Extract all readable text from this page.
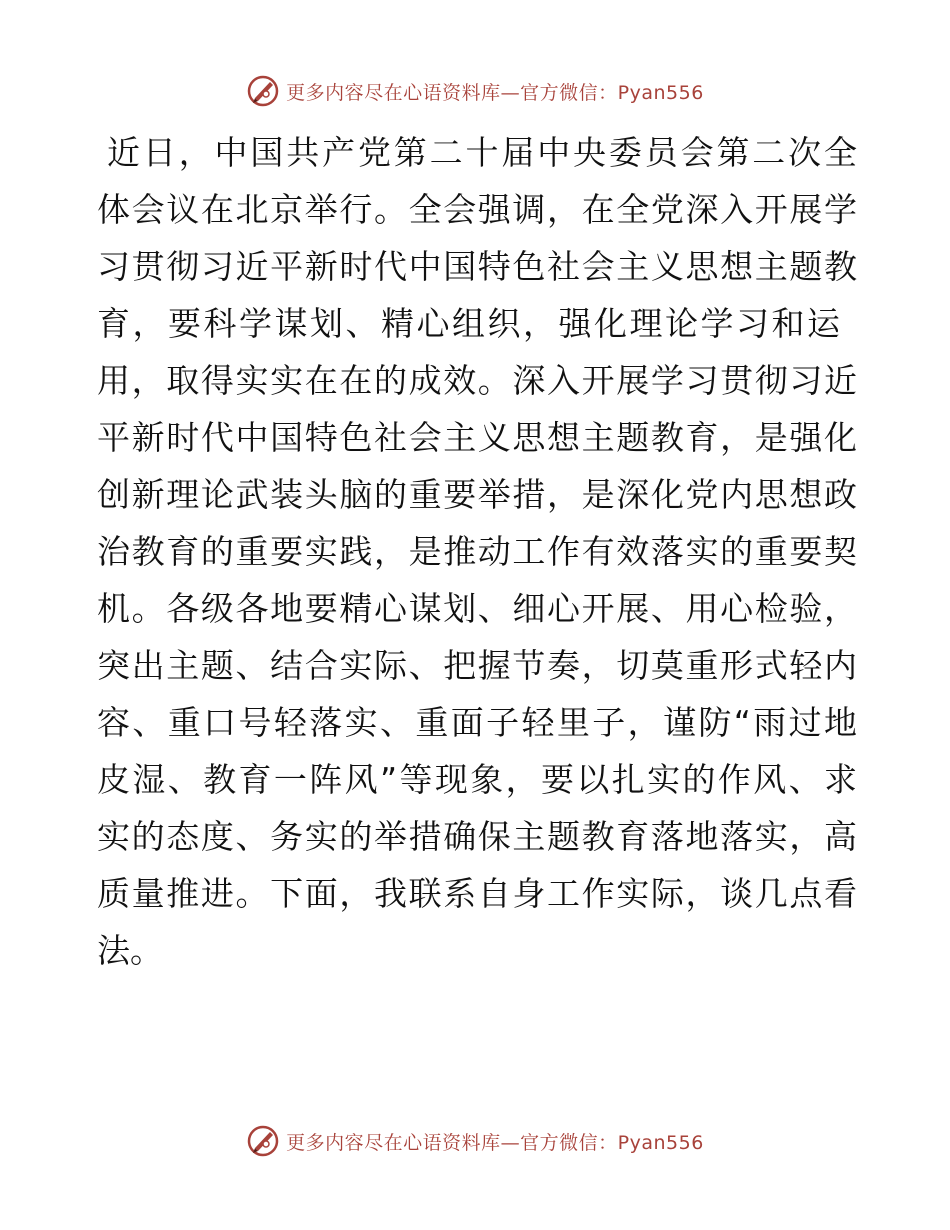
更多内容尽在心语资料库—官方微信：Pyan556

近日，中国共产党第二十届中央委员会第二次全

体会议在北京举行。全会强调，在全党深入开展学

习贯彻习近平新时代中国特色社会主义思想主题教

育，要科学谋划、精心组织，强化理论学习和运

用，取得实实在在的成效。深入开展学习贯彻习近

平新时代中国特色社会主义思想主题教育，是强化

创新理论武装头脑的重要举措，是深化党内思想政

治教育的重要实践，是推动工作有效落实的重要契

机。各级各地要精心谋划、细心开展、用心检验，

突出主题、结合实际、把握节奏，切莫重形式轻内

容、重口号轻落实、重面子轻里子，谨防“雨过地

皮湿、教育一阵风”等现象，要以扎实的作风、求

实的态度、务实的举措确保主题教育落地落实，高

质量推进。下面，我联系自身工作实际，谈几点看

法。

更多内容尽在心语资料库—官方微信：Pyan556
